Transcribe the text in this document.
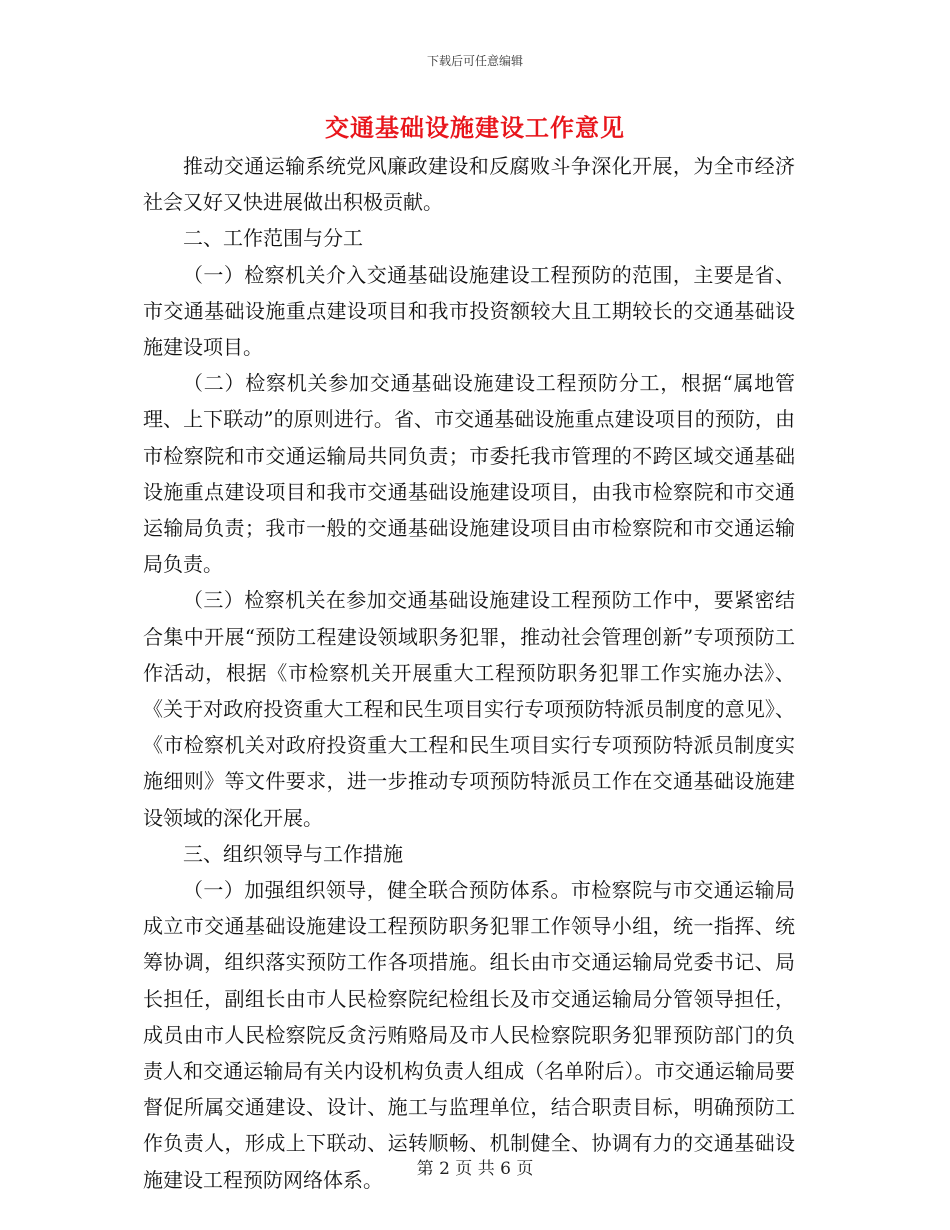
下载后可任意编辑
交通基础设施建设工作意见

推动交通运输系统党风廉政建设和反腐败斗争深化开展，为全市经济社会又好又快进展做出积极贡献。

二、工作范围与分工

（一）检察机关介入交通基础设施建设工程预防的范围，主要是省、市交通基础设施重点建设项目和我市投资额较大且工期较长的交通基础设施建设项目。

（二）检察机关参加交通基础设施建设工程预防分工，根据“属地管理、上下联动”的原则进行。省、市交通基础设施重点建设项目的预防，由市检察院和市交通运输局共同负责；市委托我市管理的不跨区域交通基础设施重点建设项目和我市交通基础设施建设项目，由我市检察院和市交通运输局负责；我市一般的交通基础设施建设项目由市检察院和市交通运输局负责。

（三）检察机关在参加交通基础设施建设工程预防工作中，要紧密结合集中开展“预防工程建设领域职务犯罪，推动社会管理创新”专项预防工作活动，根据《市检察机关开展重大工程预防职务犯罪工作实施办法》、《关于对政府投资重大工程和民生项目实行专项预防特派员制度的意见》、《市检察机关对政府投资重大工程和民生项目实行专项预防特派员制度实施细则》等文件要求，进一步推动专项预防特派员工作在交通基础设施建设领域的深化开展。

三、组织领导与工作措施

（一）加强组织领导，健全联合预防体系。市检察院与市交通运输局成立市交通基础设施建设工程预防职务犯罪工作领导小组，统一指挥、统筹协调，组织落实预防工作各项措施。组长由市交通运输局党委书记、局长担任，副组长由市人民检察院纪检组长及市交通运输局分管领导担任，成员由市人民检察院反贪污贿赂局及市人民检察院职务犯罪预防部门的负责人和交通运输局有关内设机构负责人组成（名单附后）。市交通运输局要督促所属交通建设、设计、施工与监理单位，结合职责目标，明确预防工作负责人，形成上下联动、运转顺畅、机制健全、协调有力的交通基础设施建设工程预防网络体系。	第 2 页 共 6 页
